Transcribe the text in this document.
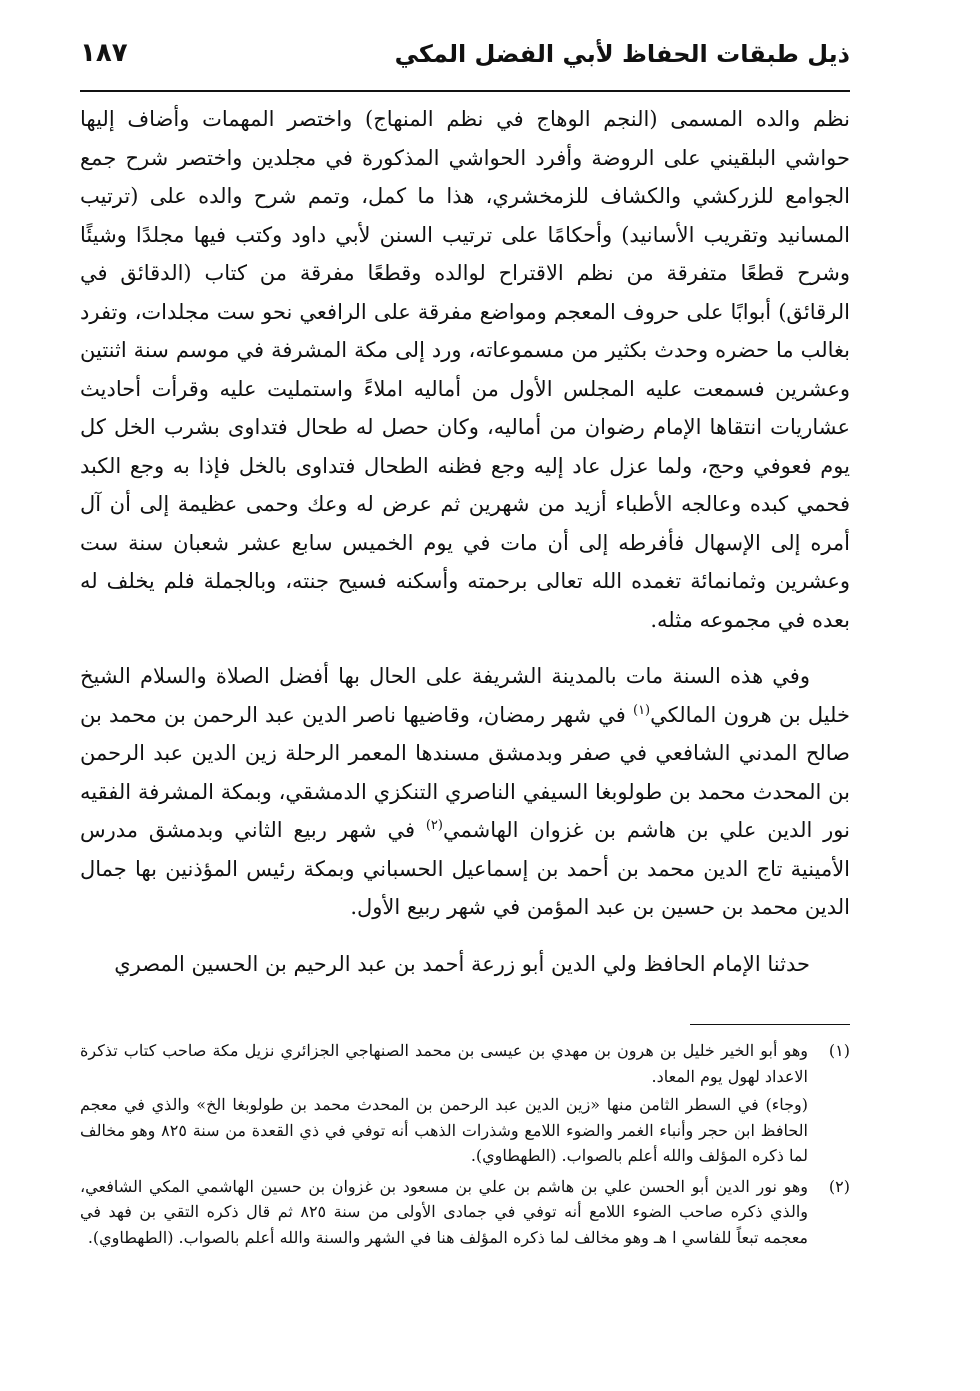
ذيل طبقات الحفاظ لأبي الفضل المكي
١٨٧

نظم والده المسمى (النجم الوهاج في نظم المنهاج) واختصر المهمات وأضاف إليها حواشي البلقيني على الروضة وأفرد الحواشي المذكورة في مجلدين واختصر شرح جمع الجوامع للزركشي والكشاف للزمخشري، هذا ما كمل، وتمم شرح والده على (ترتيب المسانيد وتقريب الأسانيد) وأحكامًا على ترتيب السنن لأبي داود وكتب فيها مجلدًا وشيئًا وشرح قطعًا متفرقة من نظم الاقتراح لوالده وقطعًا مفرقة من كتاب (الدقائق في الرقائق) أبوابًا على حروف المعجم ومواضع مفرقة على الرافعي نحو ست مجلدات، وتفرد بغالب ما حضره وحدث بكثير من مسموعاته، ورد إلى مكة المشرفة في موسم سنة اثنتين وعشرين فسمعت عليه المجلس الأول من أماليه املاءً واستمليت عليه وقرأت أحاديث عشاريات انتقاها الإمام رضوان من أماليه، وكان حصل له طحال فتداوى بشرب الخل كل يوم فعوفي وحج، ولما عزل عاد إليه وجع فظنه الطحال فتداوى بالخل فإذا به وجع الكبد فحمي كبده وعالجه الأطباء أزيد من شهرين ثم عرض له وعك وحمى عظيمة إلى أن آل أمره إلى الإسهال فأفرطه إلى أن مات في يوم الخميس سابع عشر شعبان سنة ست وعشرين وثمانمائة تغمده الله تعالى برحمته وأسكنه فسيح جنته، وبالجملة فلم يخلف له بعده في مجموعه مثله.

وفي هذه السنة مات بالمدينة الشريفة على الحال بها أفضل الصلاة والسلام الشيخ خليل بن هرون المالكي$^{(١)}$ في شهر رمضان، وقاضيها ناصر الدين عبد الرحمن بن محمد بن صالح المدني الشافعي في صفر وبدمشق مسندها المعمر الرحلة زين الدين عبد الرحمن بن المحدث محمد بن طولوبغا السيفي الناصري التنكزي الدمشقي، وبمكة المشرفة الفقيه نور الدين علي بن هاشم بن غزوان الهاشمي$^{(٢)}$ في شهر ربيع الثاني وبدمشق مدرس الأمينية تاج الدين محمد بن أحمد بن إسماعيل الحسباني وبمكة رئيس المؤذنين بها جمال الدين محمد بن حسين بن عبد المؤمن في شهر ربيع الأول.

حدثنا الإمام الحافظ ولي الدين أبو زرعة أحمد بن عبد الرحيم بن الحسين المصري

(١)

وهو أبو الخير خليل بن هرون بن مهدي بن عيسى بن محمد الصنهاجي الجزائري نزيل مكة صاحب كتاب تذكرة الاعداد لهول يوم المعاد.

(وجاء) في السطر الثامن منها «زين الدين عبد الرحمن بن المحدث محمد بن طولوبغا الخ» والذي في معجم الحافظ ابن حجر وأنباء الغمر والضوء اللامع وشذرات الذهب أنه توفي في ذي القعدة من سنة ٨٢٥ وهو مخالف لما ذكره المؤلف والله أعلم بالصواب. (الطهطاوي).

(٢)

وهو نور الدين أبو الحسن علي بن هاشم بن علي بن مسعود بن غزوان بن حسين الهاشمي المكي الشافعي، والذي ذكره صاحب الضوء اللامع أنه توفي في جمادى الأولى من سنة ٨٢٥ ثم قال ذكره التقي بن فهد في معجمه تبعاً للفاسي ا هـ وهو مخالف لما ذكره المؤلف هنا في الشهر والسنة والله أعلم بالصواب. (الطهطاوي).
